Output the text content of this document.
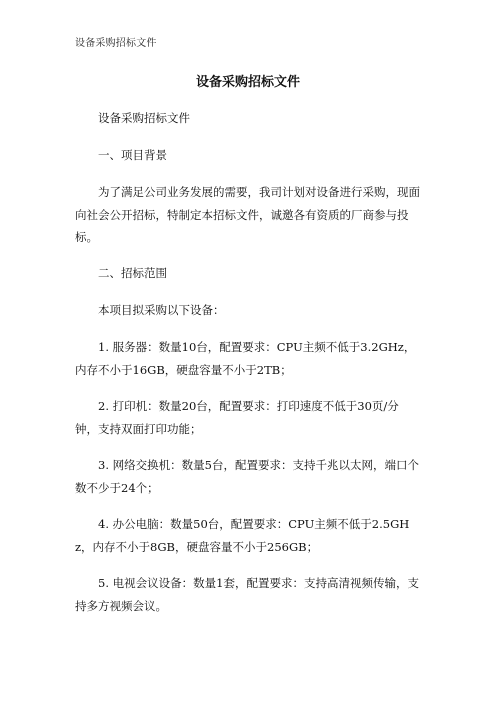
设备采购招标文件
设备采购招标文件

设备采购招标文件

一、项目背景

为了满足公司业务发展的需要，我司计划对设备进行采购，现面向社会公开招标，特制定本招标文件，诚邀各有资质的厂商参与投标。

二、招标范围

本项目拟采购以下设备：

1. 服务器：数量10台，配置要求：CPU主频不低于3.2GHz，内存不小于16GB，硬盘容量不小于2TB；

2. 打印机：数量20台，配置要求：打印速度不低于30页/分钟，支持双面打印功能；

3. 网络交换机：数量5台，配置要求：支持千兆以太网，端口个数不少于24个；

4. 办公电脑：数量50台，配置要求：CPU主频不低于2.5GHz，内存不小于8GB，硬盘容量不小于256GB；

5. 电视会议设备：数量1套，配置要求：支持高清视频传输，支持多方视频会议。
